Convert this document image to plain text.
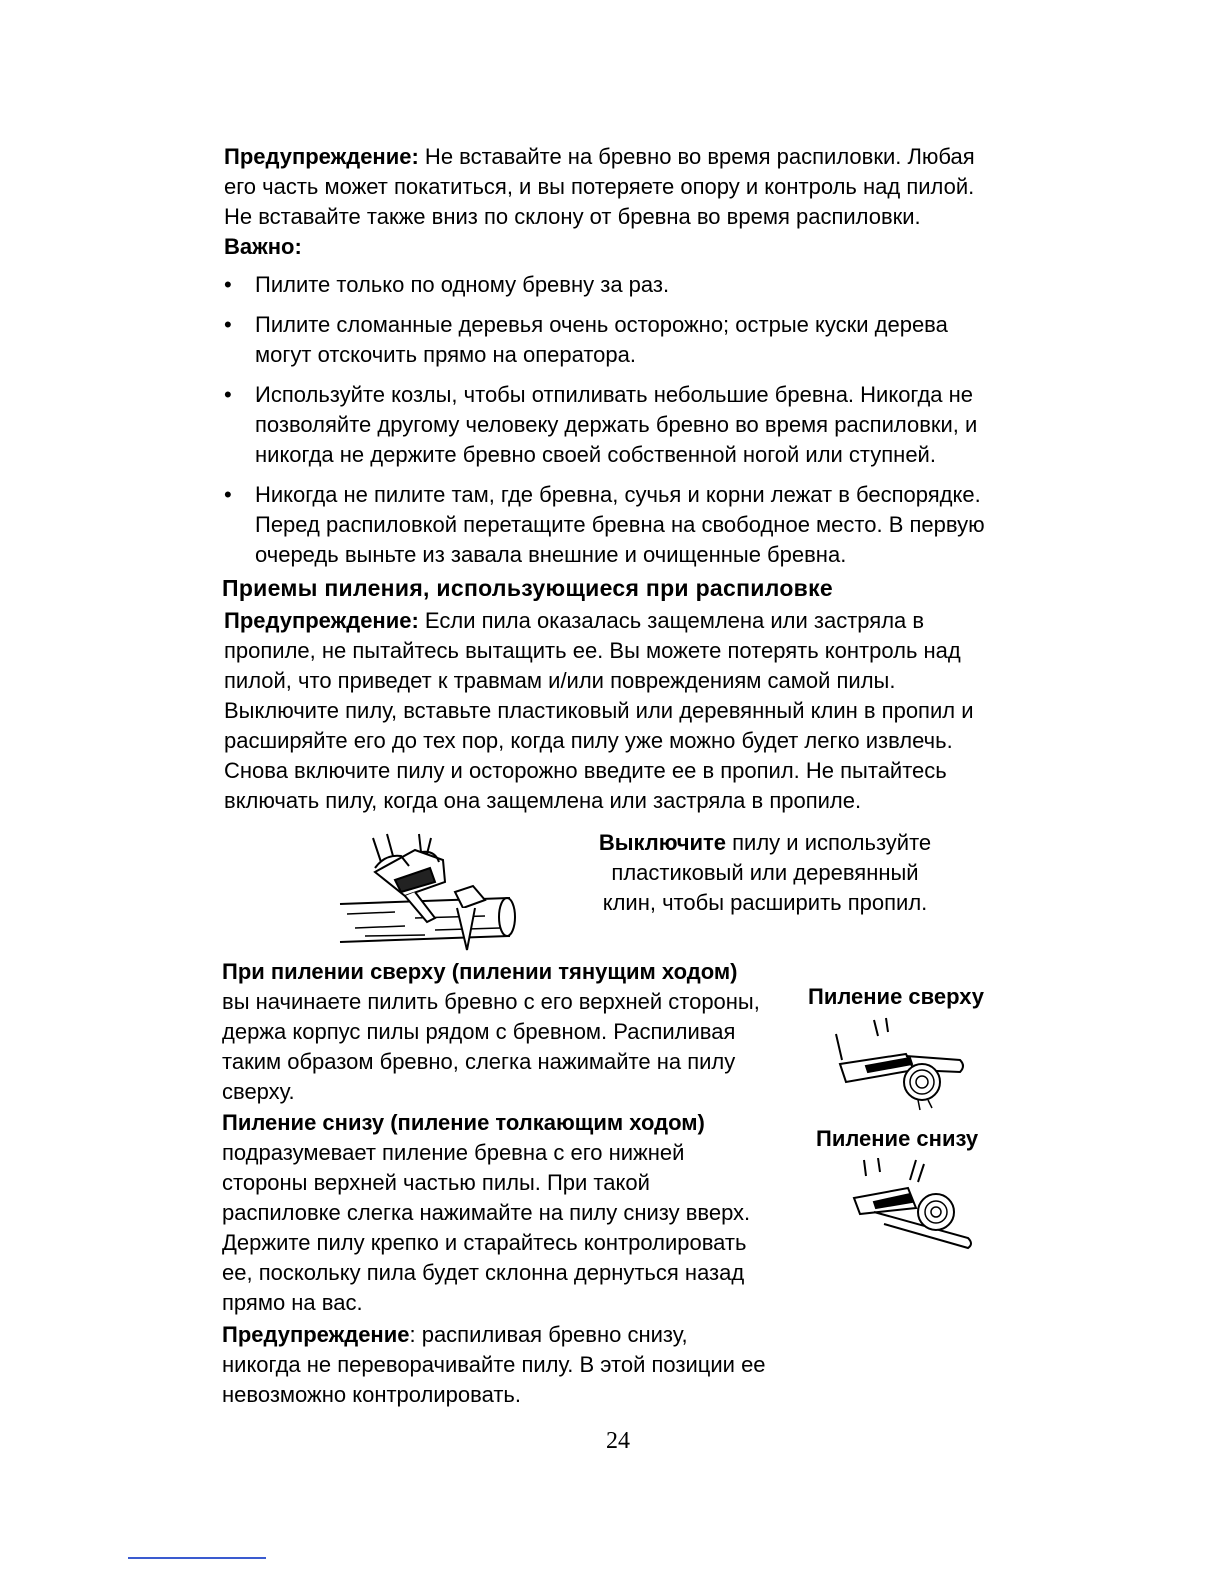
Предупреждение: Не вставайте на бревно во время распиловки. Любая

его часть может покатиться, и вы потеряете опору и контроль над пилой.

Не вставайте также вниз по склону от бревна во время распиловки.

Важно:

• Пилите только по одному бревну за раз.

• Пилите сломанные деревья очень осторожно; острые куски дерева

могут отскочить прямо на оператора.

• Используйте козлы, чтобы отпиливать небольшие бревна. Никогда не

позволяйте другому человеку держать бревно во время распиловки, и

никогда не держите бревно своей собственной ногой или ступней.

• Никогда не пилите там, где бревна, сучья и корни лежат в беспорядке.

Перед распиловкой перетащите бревна на свободное место. В первую

очередь выньте из завала внешние и очищенные бревна.

Приемы пиления, использующиеся при распиловке

Предупреждение: Если пила оказалась защемлена или застряла в

пропиле, не пытайтесь вытащить ее. Вы можете потерять контроль над

пилой, что приведет к травмам и/или повреждениям самой пилы.

Выключите пилу, вставьте пластиковый или деревянный клин в пропил и

расширяйте его до тех пор, когда пилу уже можно будет легко извлечь.

Снова включите пилу и осторожно введите ее в пропил. Не пытайтесь

включать пилу, когда она защемлена или застряла в пропиле.

Выключите пилу и используйте

пластиковый или деревянный

клин, чтобы расширить пропил.

При пилении сверху (пилении тянущим ходом)

вы начинаете пилить бревно с его верхней стороны,

держа корпус пилы рядом с бревном. Распиливая

таким образом бревно, слегка нажимайте на пилу

сверху.

Пиление сверху

Пиление снизу (пиление толкающим ходом)

подразумевает пиление бревна с его нижней

стороны верхней частью пилы. При такой

распиловке слегка нажимайте на пилу снизу вверх.

Держите пилу крепко и старайтесь контролировать

ее, поскольку пила будет склонна дернуться назад

прямо на вас.

Пиление снизу

Предупреждение: распиливая бревно снизу,

никогда не переворачивайте пилу. В этой позиции ее

невозможно контролировать.

24
